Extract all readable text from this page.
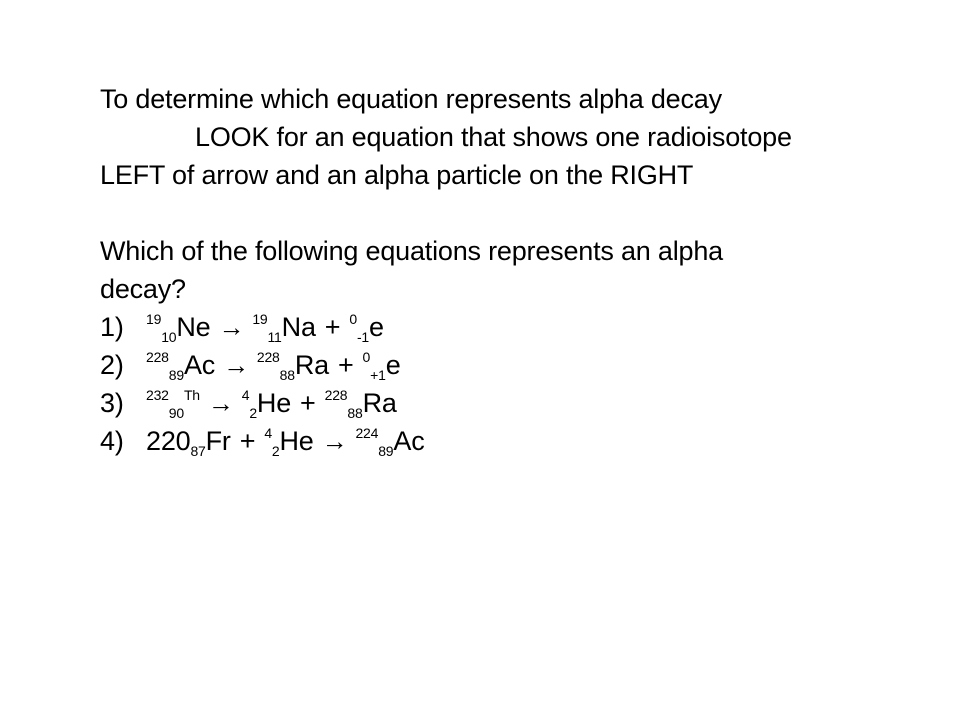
To determine which equation represents alpha decay
LOOK for an equation that shows one radioisotope
LEFT of arrow and an alpha particle on the RIGHT
Which of the following equations represents an alpha
decay?
1) $^{19}_{10}$Ne → $^{19}_{11}$Na + $^0_{-1}$e
2) $^{228}_{89}$Ac → $^{228}_{88}$Ra + $^0_{+1}$e
3) $^{232}_{90}^{Th}$ → $^4_2$He + $^{228}_{88}$Ra
4) $220_{87}Fr + ^4_2He \to ^{224}_{89}Ac$
